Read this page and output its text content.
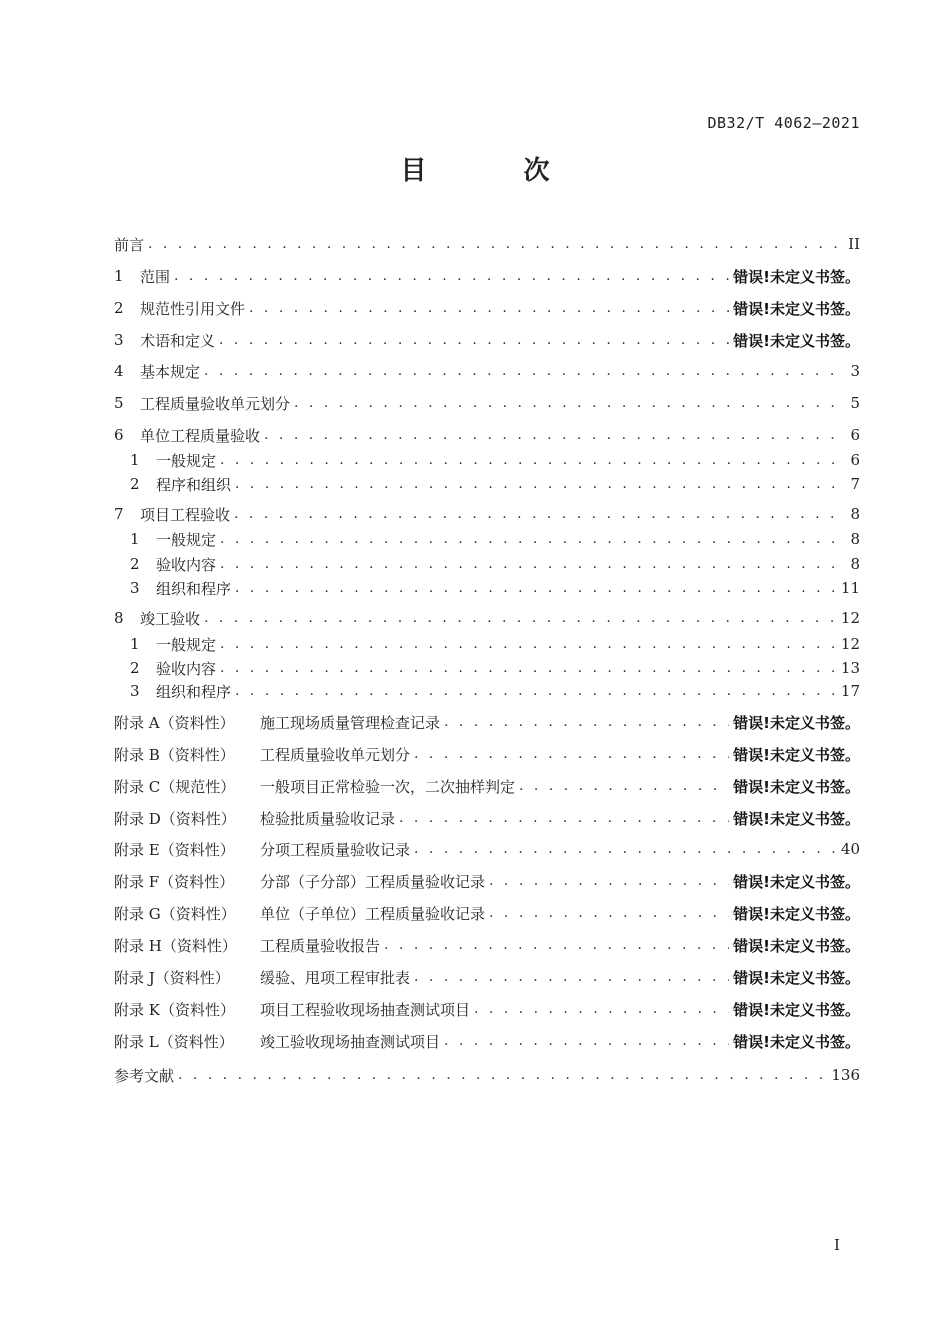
DB32/T 4062—2021
目 次
前言 . . .	II
1	范围 . . .	错误!未定义书签。
2	规范性引用文件 . . .	错误!未定义书签。
3	术语和定义 . . .	错误!未定义书签。
4	基本规定 . . .	3
5	工程质量验收单元划分 . . .	5
6	单位工程质量验收 . . .	6
1	一般规定 . . .	6
2	程序和组织 . . .	7
7	项目工程验收 . . .	8
1	一般规定 . . .	8
2	验收内容 . . .	8
3	组织和程序 . . .	11
8	竣工验收 . . .	12
1	一般规定 . . .	12
2	验收内容 . . .	13
3	组织和程序 . . .	17
附录 A（资料性）	施工现场质量管理检查记录 . . .	错误!未定义书签。
附录 B（资料性）	工程质量验收单元划分 . . .	错误!未定义书签。
附录 C（规范性）	一般项目正常检验一次，二次抽样判定 . . .	错误!未定义书签。
附录 D（资料性）	检验批质量验收记录 . . .	错误!未定义书签。
附录 E（资料性）	分项工程质量验收记录 . . .	40
附录 F（资料性）	分部（子分部）工程质量验收记录 . . .	错误!未定义书签。
附录 G（资料性）	单位（子单位）工程质量验收记录 . . .	错误!未定义书签。
附录 H（资料性）	工程质量验收报告 . . .	错误!未定义书签。
附录 J（资料性）	缓验、甩项工程审批表 . . .	错误!未定义书签。
附录 K（资料性）	项目工程验收现场抽查测试项目 . . .	错误!未定义书签。
附录 L（资料性）	竣工验收现场抽查测试项目 . . .	错误!未定义书签。
参考文献 . . .	136
I
